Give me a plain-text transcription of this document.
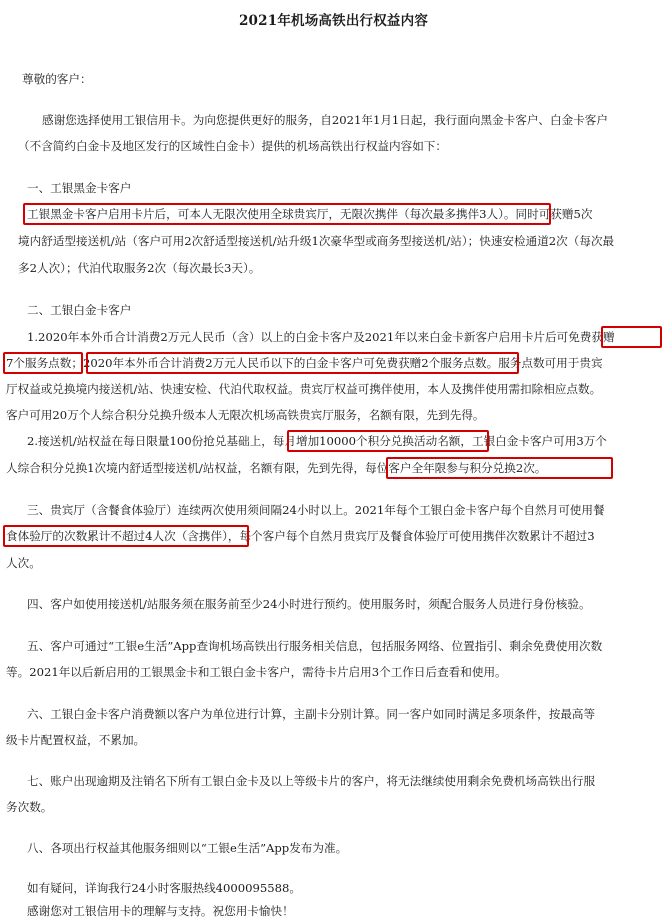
2021年机场高铁出行权益内容
尊敬的客户：
感谢您选择使用工银信用卡。为向您提供更好的服务，自2021年1月1日起，我行面向黑金卡客户、白金卡客户
（不含简约白金卡及地区发行的区域性白金卡）提供的机场高铁出行权益内容如下：
一、工银黑金卡客户
工银黑金卡客户启用卡片后，可本人无限次使用全球贵宾厅，无限次携伴（每次最多携伴3人）。同时可获赠5次
境内舒适型接送机/站（客户可用2次舒适型接送机/站升级1次豪华型或商务型接送机/站）；快速安检通道2次（每次最
多2人次）；代泊代取服务2次（每次最长3天）。
二、工银白金卡客户
1.2020年本外币合计消费2万元人民币（含）以上的白金卡客户及2021年以来白金卡新客户启用卡片后可免费获赠
7个服务点数；2020年本外币合计消费2万元人民币以下的白金卡客户可免费获赠2个服务点数。服务点数可用于贵宾
厅权益或兑换境内接送机/站、快速安检、代泊代取权益。贵宾厅权益可携伴使用，本人及携伴使用需扣除相应点数。
客户可用20万个人综合积分兑换升级本人无限次机场高铁贵宾厅服务，名额有限，先到先得。
2.接送机/站权益在每日限量100份抢兑基础上，每月增加10000个积分兑换活动名额，工银白金卡客户可用3万个
人综合积分兑换1次境内舒适型接送机/站权益，名额有限，先到先得，每位客户全年限参与积分兑换2次。
三、贵宾厅（含餐食体验厅）连续两次使用须间隔24小时以上。2021年每个工银白金卡客户每个自然月可使用餐
食体验厅的次数累计不超过4人次（含携伴），每个客户每个自然月贵宾厅及餐食体验厅可使用携伴次数累计不超过3
人次。
四、客户如使用接送机/站服务须在服务前至少24小时进行预约。使用服务时，须配合服务人员进行身份核验。
五、客户可通过“工银e生活”App查询机场高铁出行服务相关信息，包括服务网络、位置指引、剩余免费使用次数
等。2021年以后新启用的工银黑金卡和工银白金卡客户，需待卡片启用3个工作日后查看和使用。
六、工银白金卡客户消费额以客户为单位进行计算，主副卡分别计算。同一客户如同时满足多项条件，按最高等
级卡片配置权益，不累加。
七、账户出现逾期及注销名下所有工银白金卡及以上等级卡片的客户，将无法继续使用剩余免费机场高铁出行服
务次数。
八、各项出行权益其他服务细则以“工银e生活”App发布为准。
如有疑问，详询我行24小时客服热线4000095588。
感谢您对工银信用卡的理解与支持。祝您用卡愉快！
